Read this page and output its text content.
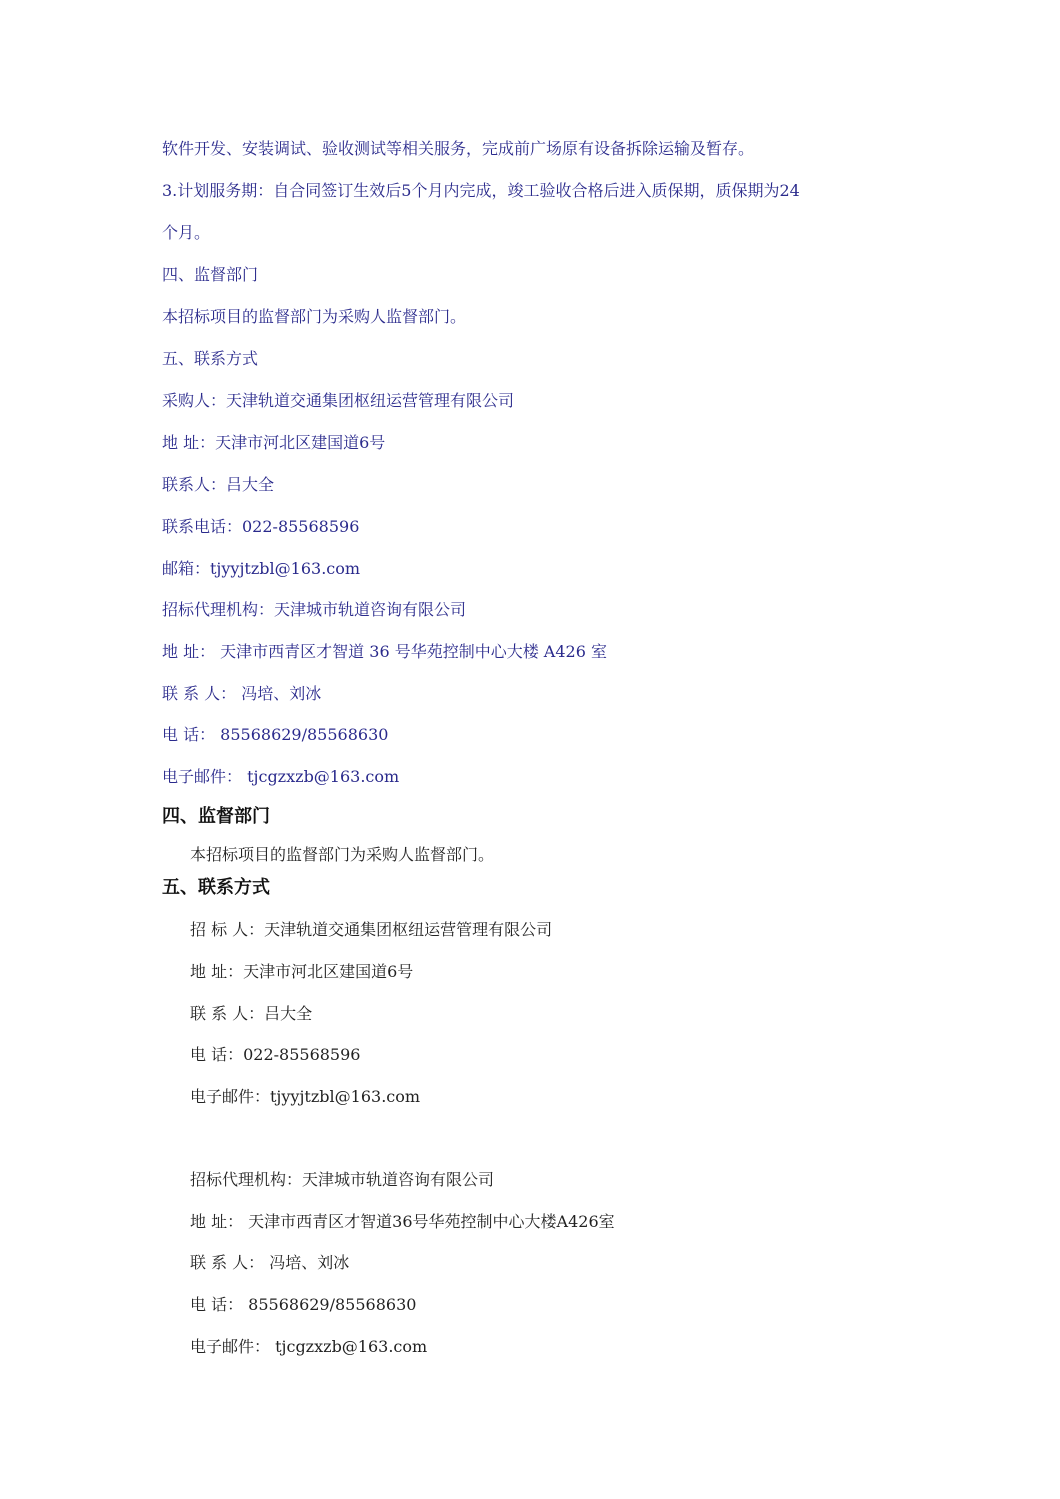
软件开发、安装调试、验收测试等相关服务，完成前广场原有设备拆除运输及暂存。
3.计划服务期：自合同签订生效后5个月内完成，竣工验收合格后进入质保期，质保期为24
个月。
四、监督部门
本招标项目的监督部门为采购人监督部门。
五、联系方式
采购人：天津轨道交通集团枢纽运营管理有限公司
地 址：天津市河北区建国道6号
联系人：吕大全
联系电话：022-85568596
邮箱：tjyyjtzbl@163.com
招标代理机构：天津城市轨道咨询有限公司
地 址： 天津市西青区才智道 36 号华苑控制中心大楼 A426 室
联 系 人： 冯培、刘冰
电 话： 85568629/85568630
电子邮件： tjcgzxzb@163.com
四、监督部门
本招标项目的监督部门为采购人监督部门。
五、联系方式
招 标 人：天津轨道交通集团枢纽运营管理有限公司
地 址：天津市河北区建国道6号
联 系 人：吕大全
电 话：022-85568596
电子邮件：tjyyjtzbl@163.com
招标代理机构：天津城市轨道咨询有限公司
地 址： 天津市西青区才智道36号华苑控制中心大楼A426室
联 系 人： 冯培、刘冰
电 话： 85568629/85568630
电子邮件： tjcgzxzb@163.com
